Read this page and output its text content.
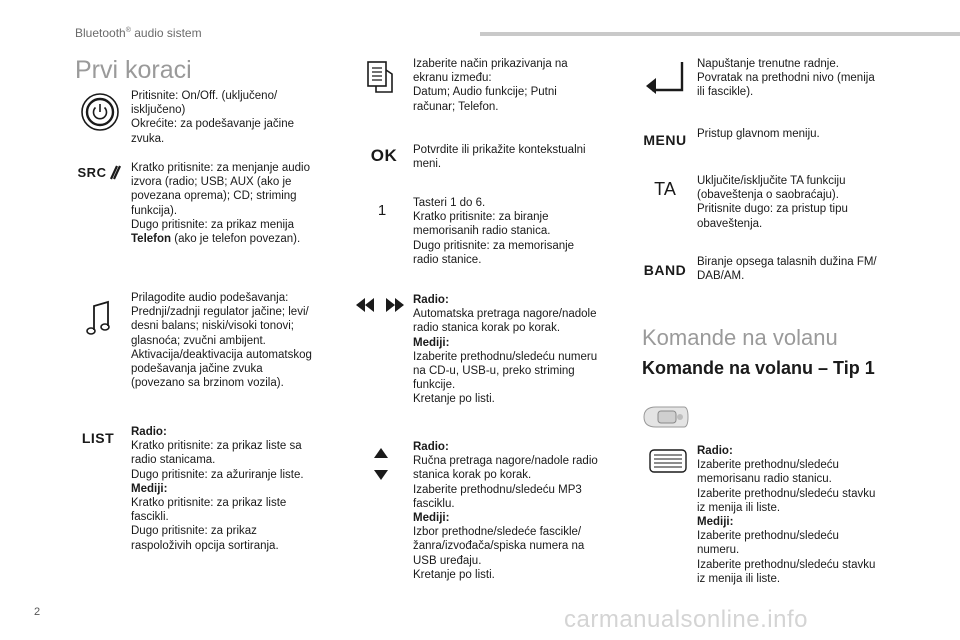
Bluetooth® audio sistem
Prvi koraci
Pritisnite: On/Off. (uključeno/
isključeno)
Okrećite: za podešavanje jačine
zvuka.
SRC Kratko pritisnite: za menjanje audio
izvora (radio; USB; AUX (ako je
povezana oprema); CD; striming
funkcija).
Dugo pritisnite: za prikaz menija
Telefon (ako je telefon povezan).
Prilagodite audio podešavanja:
Prednji/zadnji regulator jačine; levi/
desni balans; niski/visoki tonovi;
glasnoća; zvučni ambijent.
Aktivacija/deaktivacija automatskog
podešavanja jačine zvuka
(povezano sa brzinom vozila).
LIST Radio:
Kratko pritisnite: za prikaz liste sa
radio stanicama.
Dugo pritisnite: za ažuriranje liste.
Mediji:
Kratko pritisnite: za prikaz liste
fascikli.
Dugo pritisnite: za prikaz
raspoloživih opcija sortiranja.
Izaberite način prikazivanja na
ekranu između:
Datum; Audio funkcije; Putni
računar; Telefon.
OK Potvrdite ili prikažite kontekstualni
meni.
1 Tasteri 1 do 6.
Kratko pritisnite: za biranje
memorisanih radio stanica.
Dugo pritisnite: za memorisanje
radio stanice.
Radio:
Automatska pretraga nagore/nadole
radio stanica korak po korak.
Mediji:
Izaberite prethodnu/sledeću numeru
na CD-u, USB-u, preko striming
funkcije.
Kretanje po listi.
Radio:
Ručna pretraga nagore/nadole radio
stanica korak po korak.
Izaberite prethodnu/sledeću MP3
fasciklu.
Mediji:
Izbor prethodne/sledeće fascikle/
žanra/izvođača/spiska numera na
USB uređaju.
Kretanje po listi.
Napuštanje trenutne radnje.
Povratak na prethodni nivo (menija
ili fascikle).
MENU Pristup glavnom meniju.
TA Uključite/isključite TA funkciju
(obaveštenja o saobraćaju).
Pritisnite dugo: za pristup tipu
obaveštenja.
BAND Biranje opsega talasnih dužina FM/
DAB/AM.
Komande na volanu
Komande na volanu – Tip 1
Radio:
Izaberite prethodnu/sledeću
memorisanu radio stanicu.
Izaberite prethodnu/sledeću stavku
iz menija ili liste.
Mediji:
Izaberite prethodnu/sledeću
numeru.
Izaberite prethodnu/sledeću stavku
iz menija ili liste.
2	carmanualsonline.info
